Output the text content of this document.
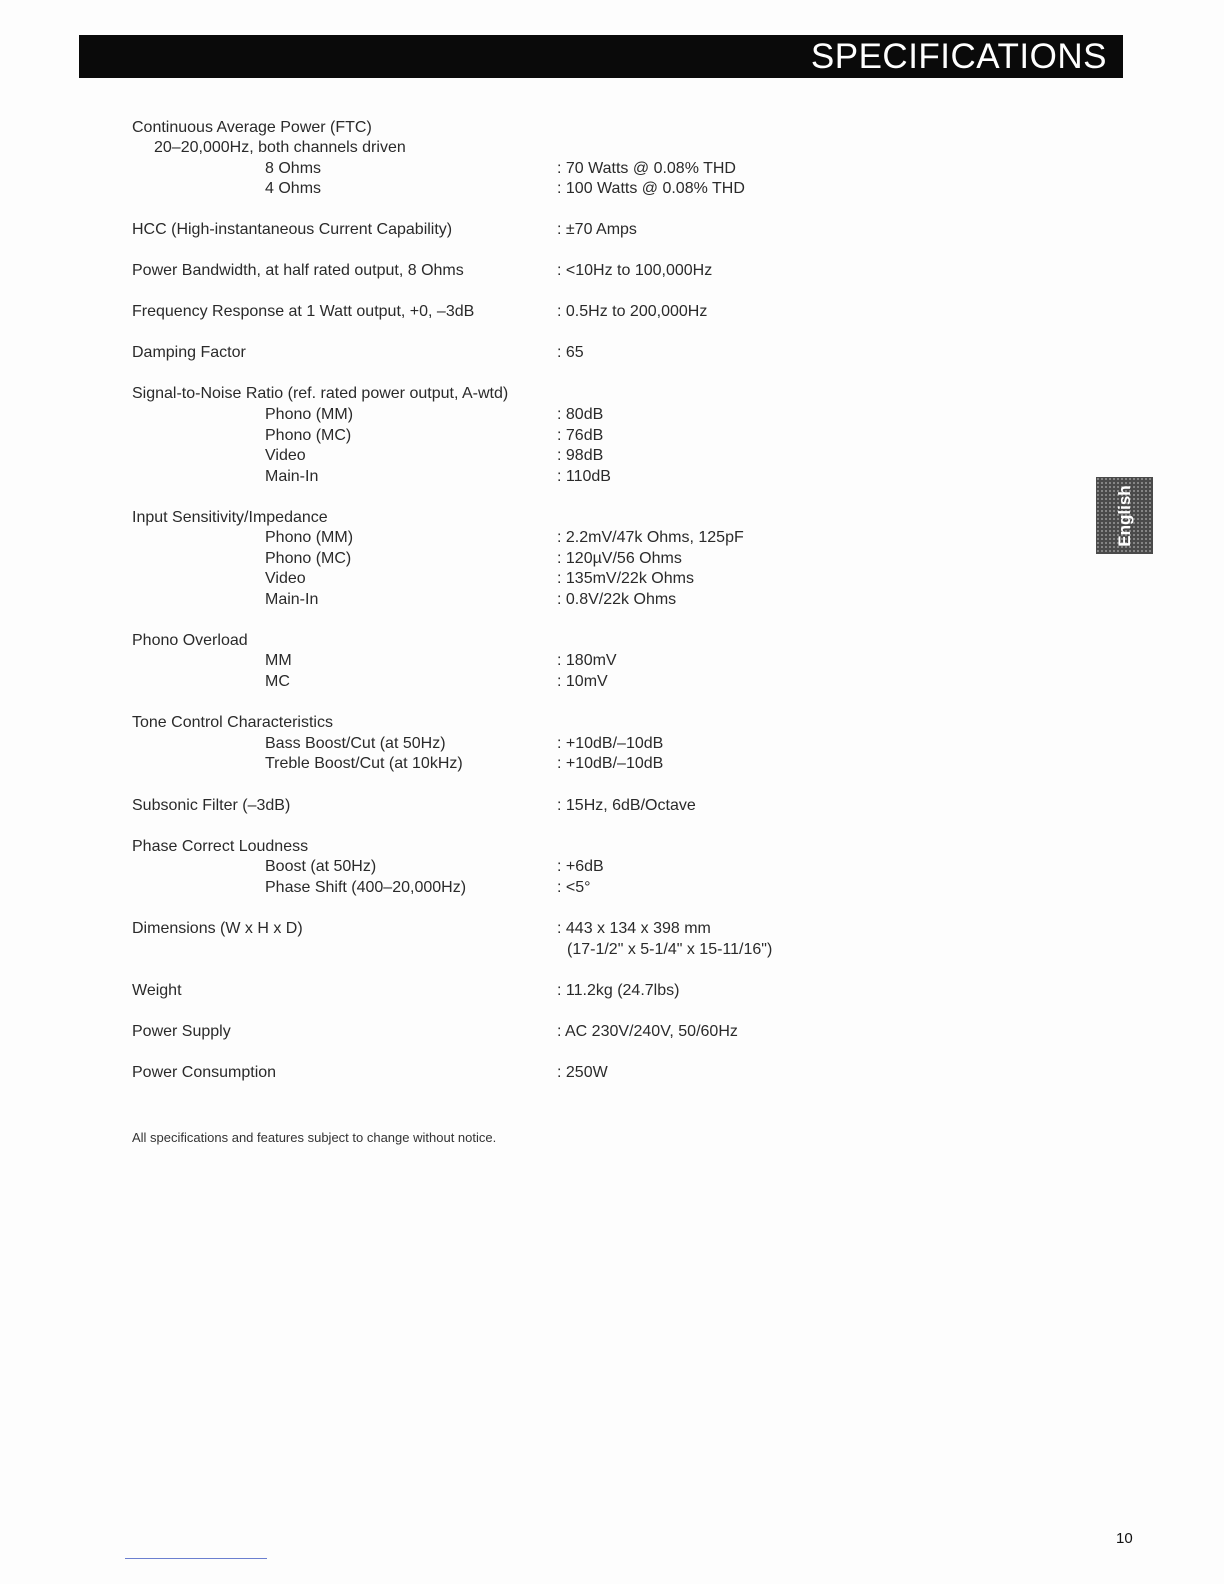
SPECIFICATIONS
English
Continuous Average Power (FTC)
20–20,000Hz, both channels driven
8 Ohms	: 70 Watts @ 0.08% THD
4 Ohms	: 100 Watts @ 0.08% THD
HCC (High-instantaneous Current Capability)	: ±70 Amps
Power Bandwidth, at half rated output, 8 Ohms	: <10Hz to 100,000Hz
Frequency Response at 1 Watt output, +0, –3dB	: 0.5Hz to 200,000Hz
Damping Factor	: 65
Signal-to-Noise Ratio (ref. rated power output, A-wtd)
Phono (MM)	: 80dB
Phono (MC)	: 76dB
Video	: 98dB
Main-In	: 110dB
Input Sensitivity/Impedance
Phono (MM)	: 2.2mV/47k Ohms, 125pF
Phono (MC)	: 120µV/56 Ohms
Video	: 135mV/22k Ohms
Main-In	: 0.8V/22k Ohms
Phono Overload
MM	: 180mV
MC	: 10mV
Tone Control Characteristics
Bass Boost/Cut (at 50Hz)	: +10dB/–10dB
Treble Boost/Cut (at 10kHz)	: +10dB/–10dB
Subsonic Filter (–3dB)	: 15Hz, 6dB/Octave
Phase Correct Loudness
Boost (at 50Hz)	: +6dB
Phase Shift (400–20,000Hz)	: <5°
Dimensions (W x H x D)	: 443 x 134 x 398 mm
(17-1/2" x 5-1/4" x 15-11/16")
Weight	: 11.2kg (24.7lbs)
Power Supply	: AC 230V/240V, 50/60Hz
Power Consumption	: 250W
All specifications and features subject to change without notice.
10
